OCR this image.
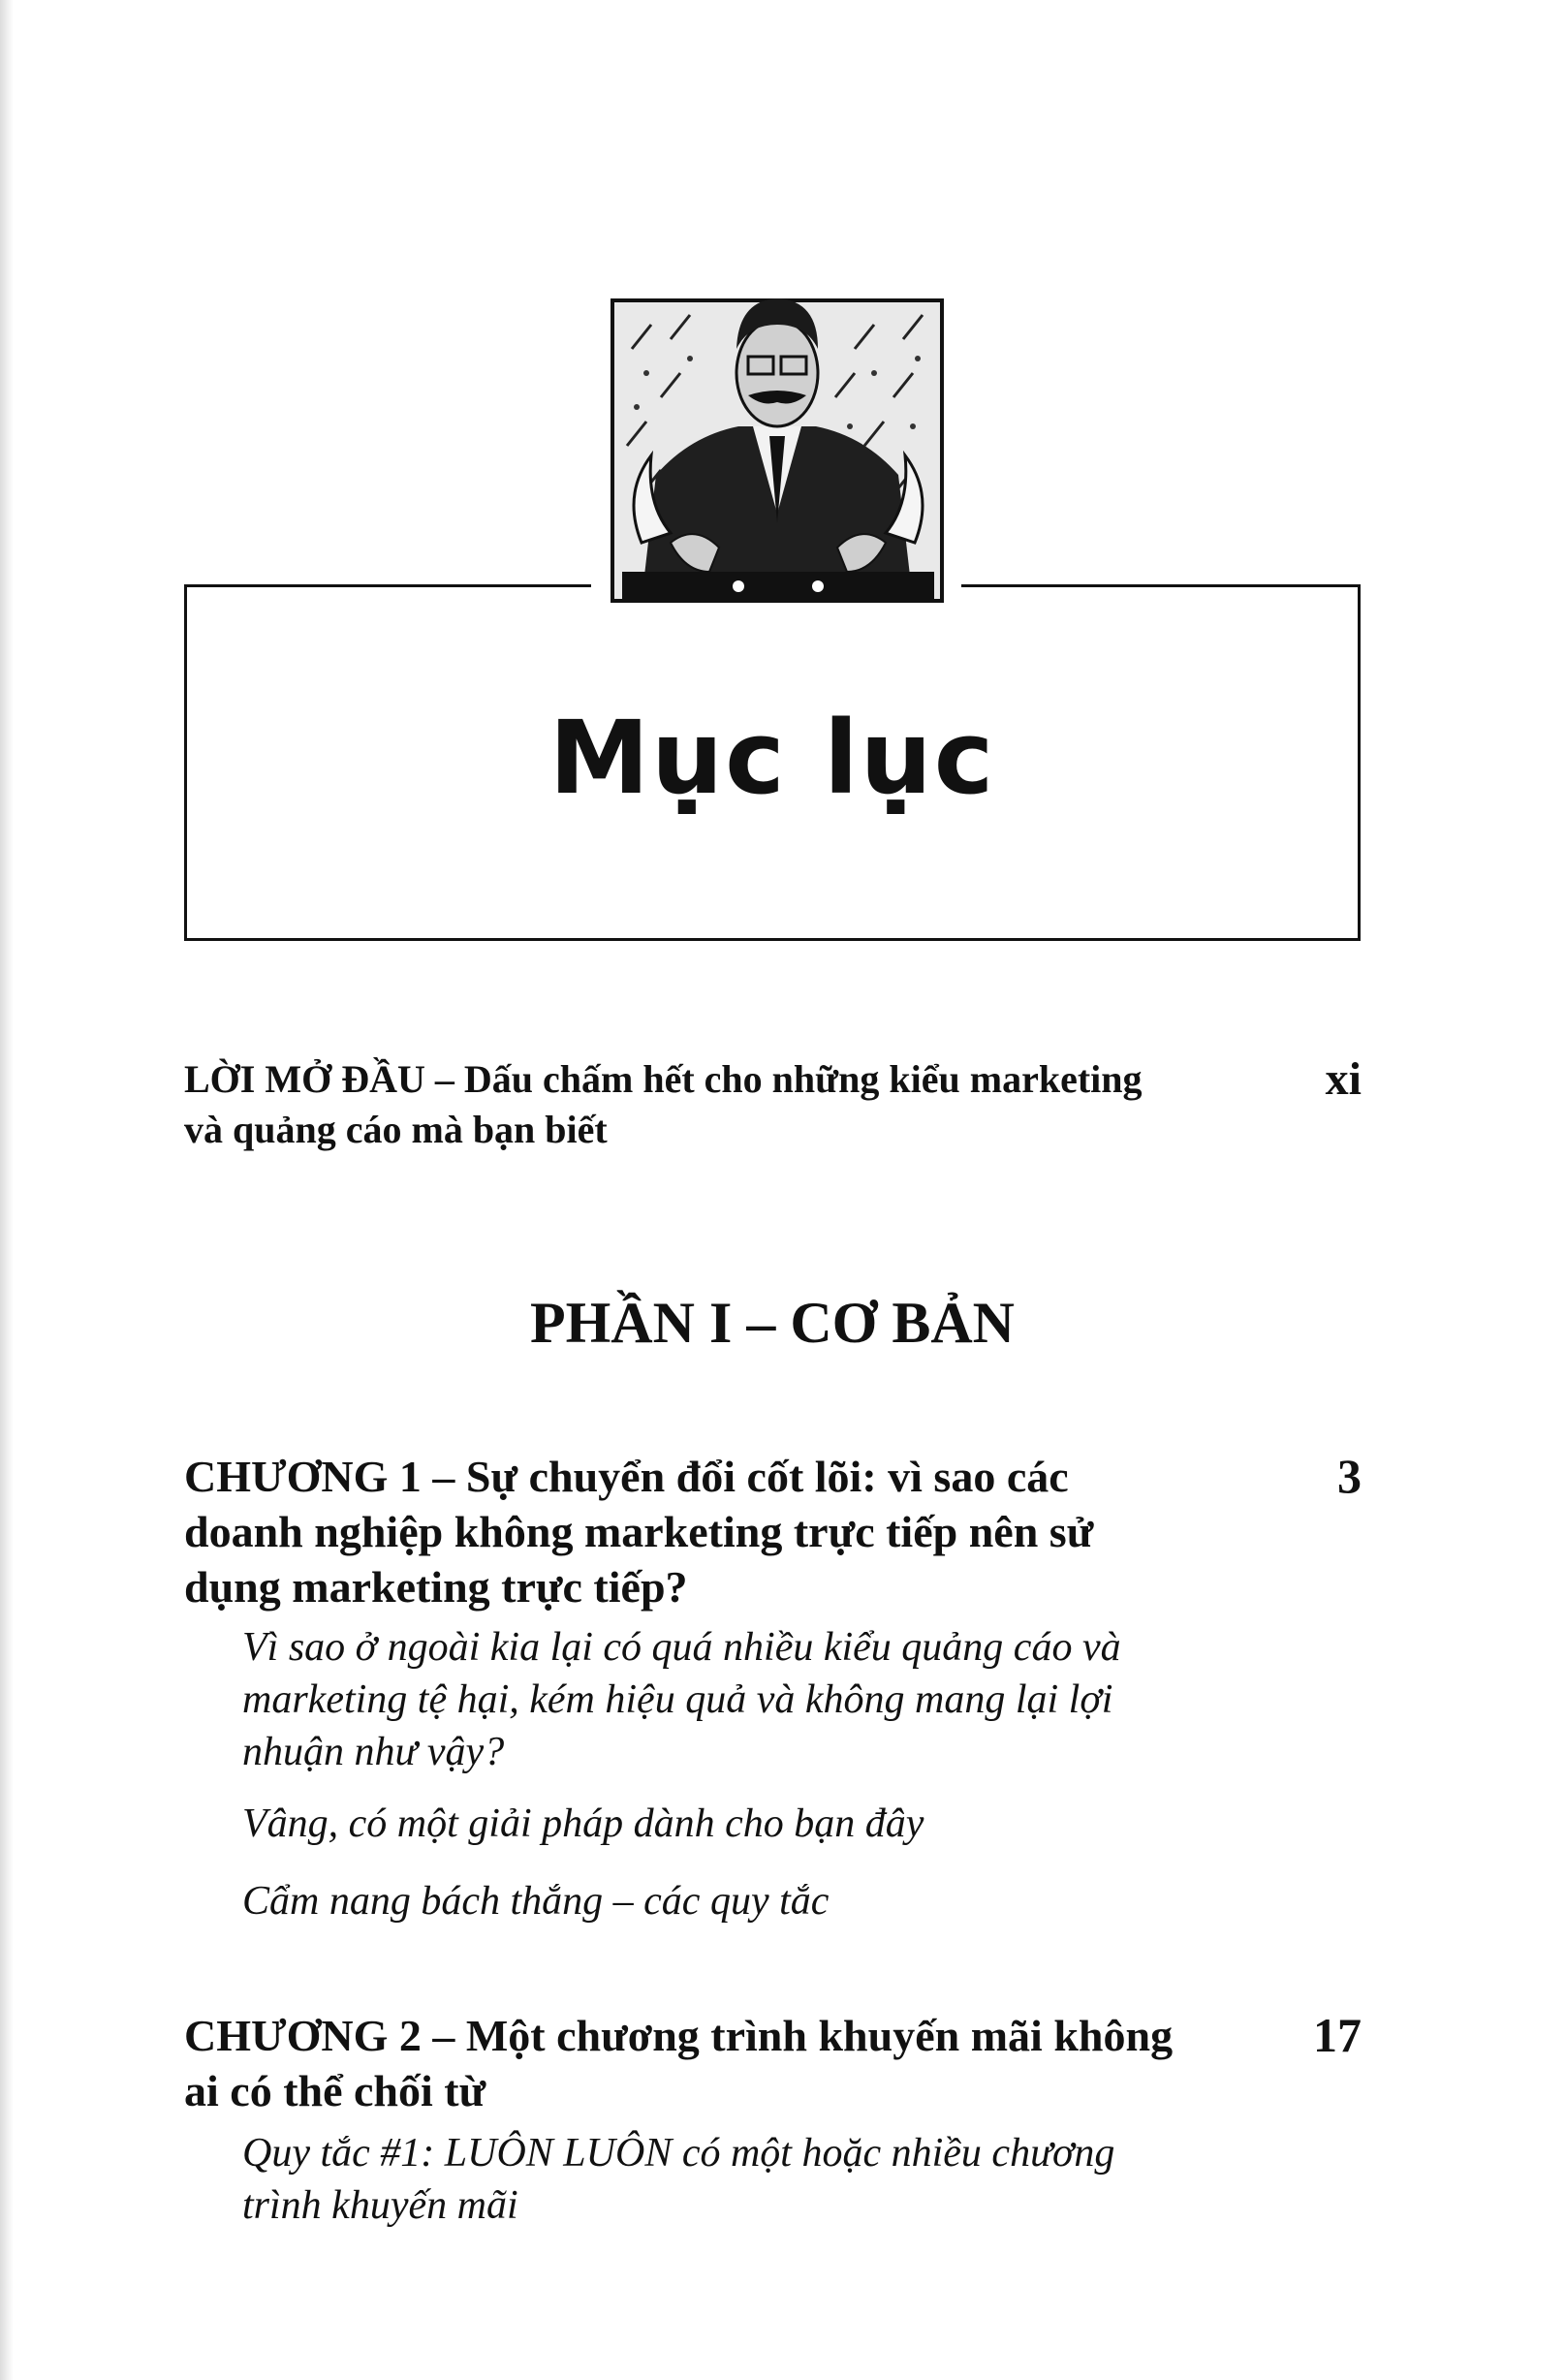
Mục lục
LỜI MỞ ĐẦU – Dấu chấm hết cho những kiểu marketing
và quảng cáo mà bạn biết
xi
PHẦN I – CƠ BẢN
CHƯƠNG 1 – Sự chuyển đổi cốt lõi: vì sao các
doanh nghiệp không marketing trực tiếp nên sử
dụng marketing trực tiếp?
3
Vì sao ở ngoài kia lại có quá nhiều kiểu quảng cáo và
marketing tệ hại, kém hiệu quả và không mang lại lợi
nhuận như vậy?
Vâng, có một giải pháp dành cho bạn đây
Cẩm nang bách thắng – các quy tắc
CHƯƠNG 2 – Một chương trình khuyến mãi không
ai có thể chối từ
17
Quy tắc #1: LUÔN LUÔN có một hoặc nhiều chương
trình khuyến mãi
